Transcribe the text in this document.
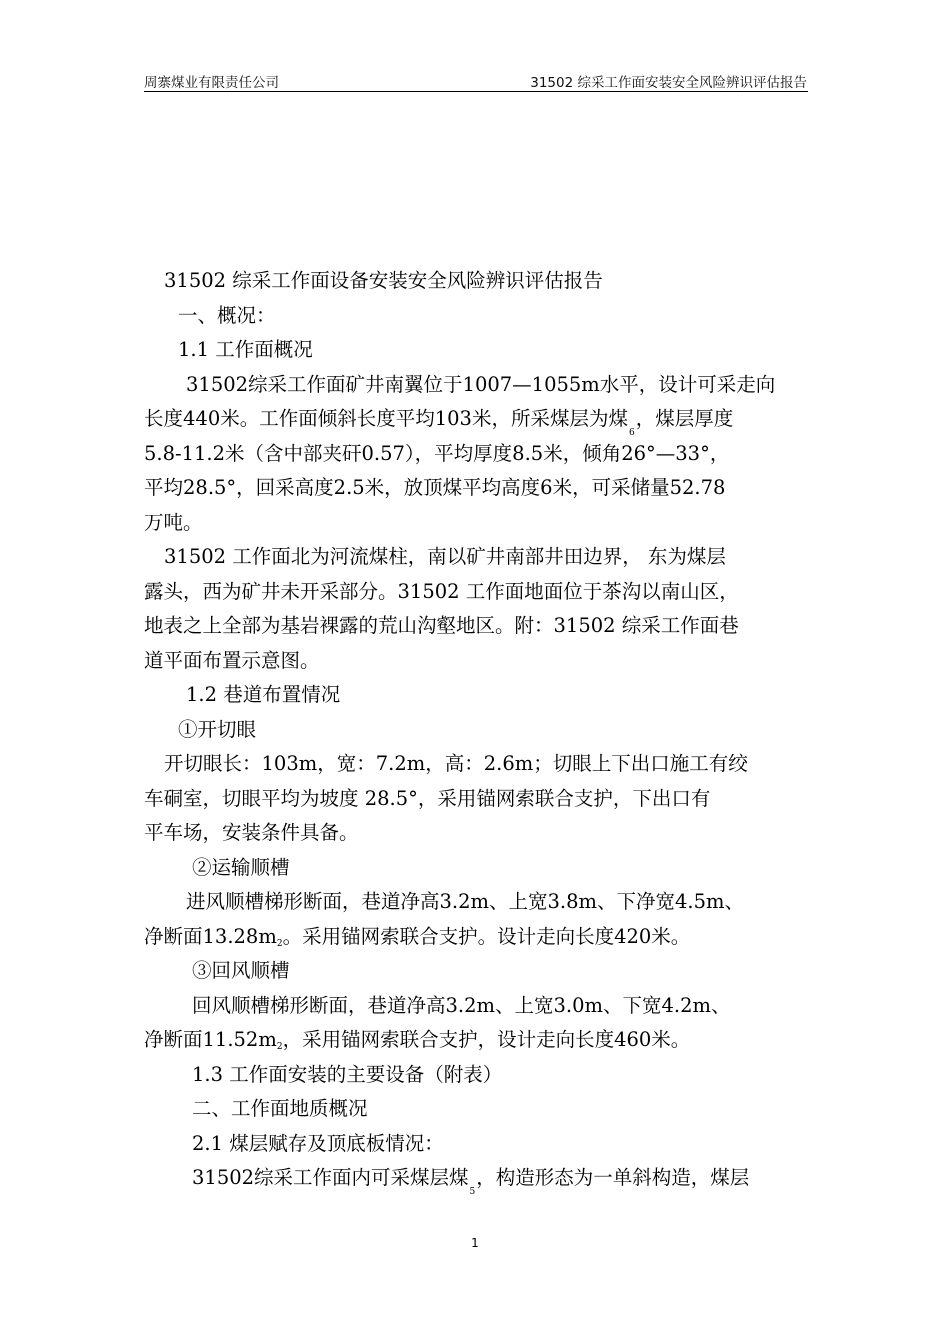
周寨煤业有限责任公司	31502 综采工作面安装安全风险辨识评估报告
31502 综采工作面设备安装安全风险辨识评估报告
一、概况：
1.1 工作面概况
31502综采工作面矿井南翼位于1007—1055m水平，设计可采走向
长度440米。工作面倾斜长度平均103米，所采煤层为煤$_6$，煤层厚度
5.8-11.2米（含中部夹矸0.57），平均厚度8.5米，倾角26°—33°，
平均28.5°，回采高度2.5米，放顶煤平均高度6米，可采储量52.78
万吨。
31502 工作面北为河流煤柱，南以矿井南部井田边界， 东为煤层
露头，西为矿井未开采部分。31502 工作面地面位于茶沟以南山区，
地表之上全部为基岩裸露的荒山沟壑地区。附：31502 综采工作面巷
道平面布置示意图。
1.2 巷道布置情况
①开切眼
开切眼长：103m，宽：7.2m，高：2.6m；切眼上下出口施工有绞
车硐室，切眼平均为坡度 28.5°，采用锚网索联合支护，下出口有
平车场，安装条件具备。
②运输顺槽
进风顺槽梯形断面，巷道净高3.2m、上宽3.8m、下净宽4.5m、
净断面13.28m2。采用锚网索联合支护。设计走向长度420米。
③回风顺槽
回风顺槽梯形断面，巷道净高3.2m、上宽3.0m、下宽4.2m、
净断面11.52m2，采用锚网索联合支护，设计走向长度460米。
1.3 工作面安装的主要设备（附表）
二、工作面地质概况
2.1 煤层赋存及顶底板情况：
31502综采工作面内可采煤层煤$_5$，构造形态为一单斜构造，煤层
1
